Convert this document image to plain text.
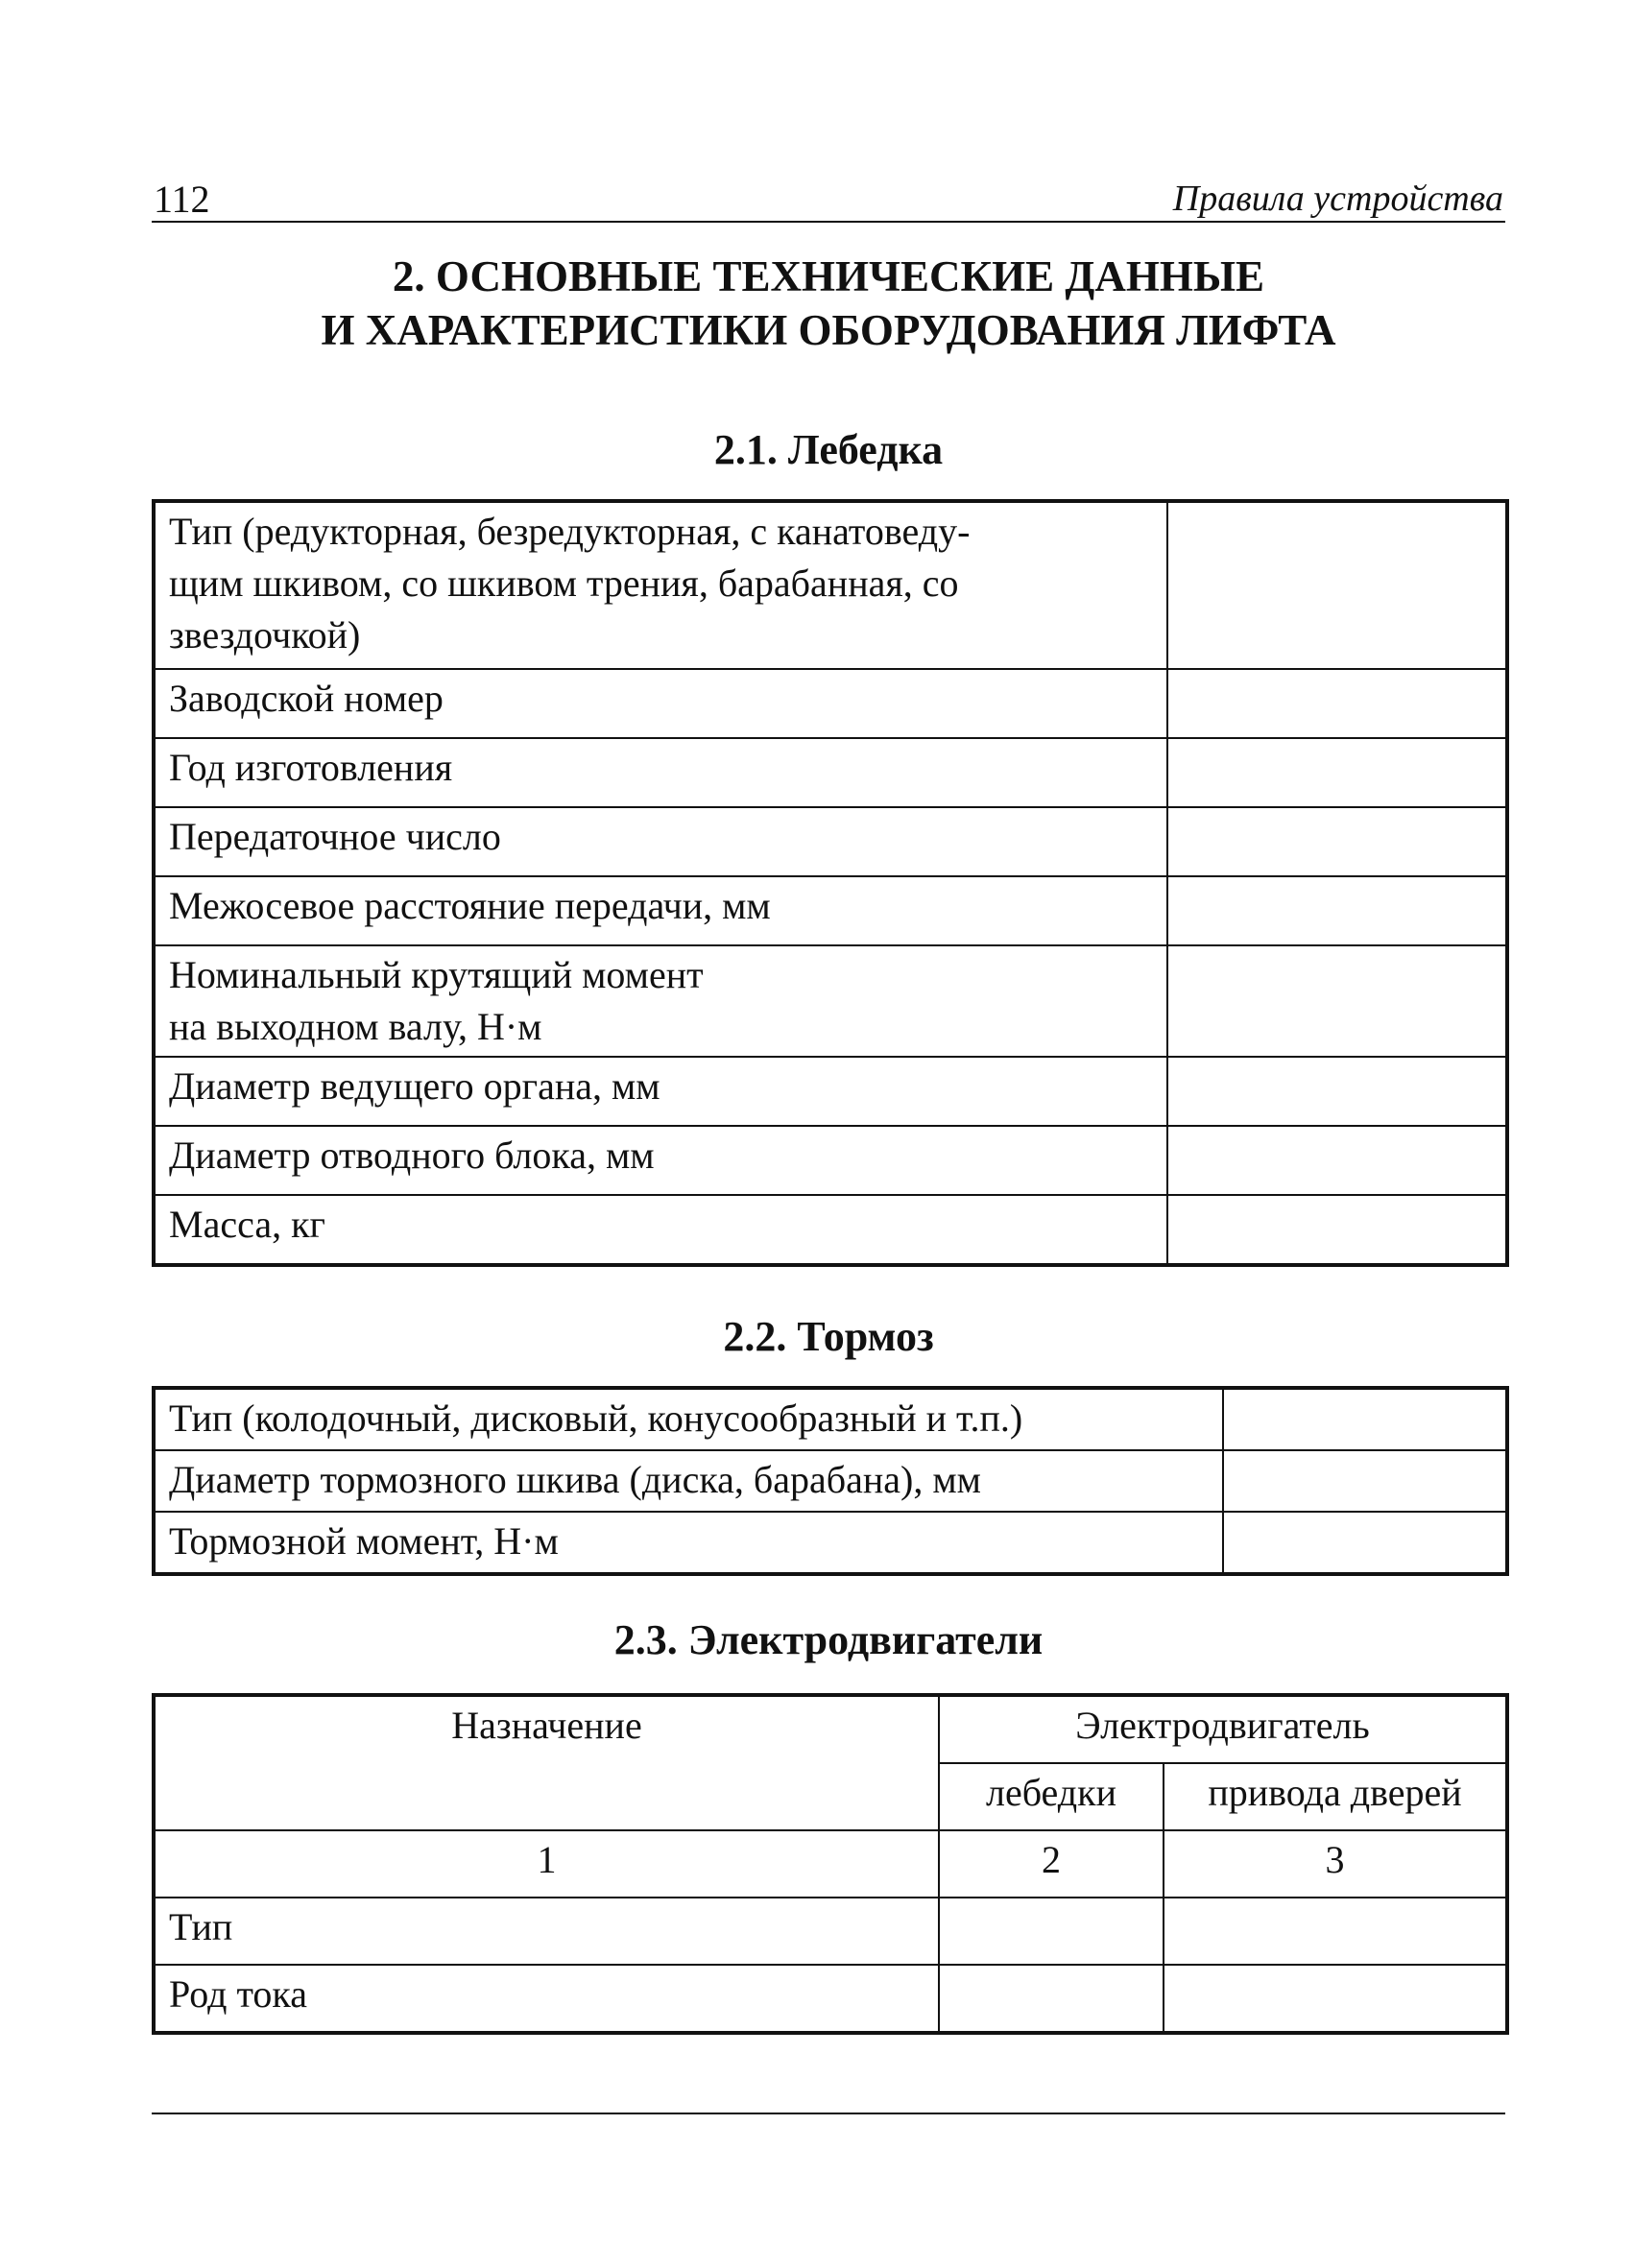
112	Правила устройства
2. ОСНОВНЫЕ ТЕХНИЧЕСКИЕ ДАННЫЕ
И ХАРАКТЕРИСТИКИ ОБОРУДОВАНИЯ ЛИФТА
2.1. Лебедка
Тип (редукторная, безредукторная, с канатоведу-
щим шкивом, со шкивом трения, барабанная, со
звездочкой)	

Заводской номер	
Год изготовления	
Передаточное число	
Межосевое расстояние передачи, мм	

Номинальный крутящий момент
на выходном валу, Н·м	

Диаметр ведущего органа, мм	
Диаметр отводного блока, мм	
Масса, кг	
2.2. Тормоз
Тип (колодочный, дисковый, конусообразный и т.п.)	
Диаметр тормозного шкива (диска, барабана), мм	
Тормозной момент, Н·м	
2.3. Электродвигатели
Назначение	Электродвигатель	
	лебедки	привода дверей
1	2	3
Тип		
Род тока		
